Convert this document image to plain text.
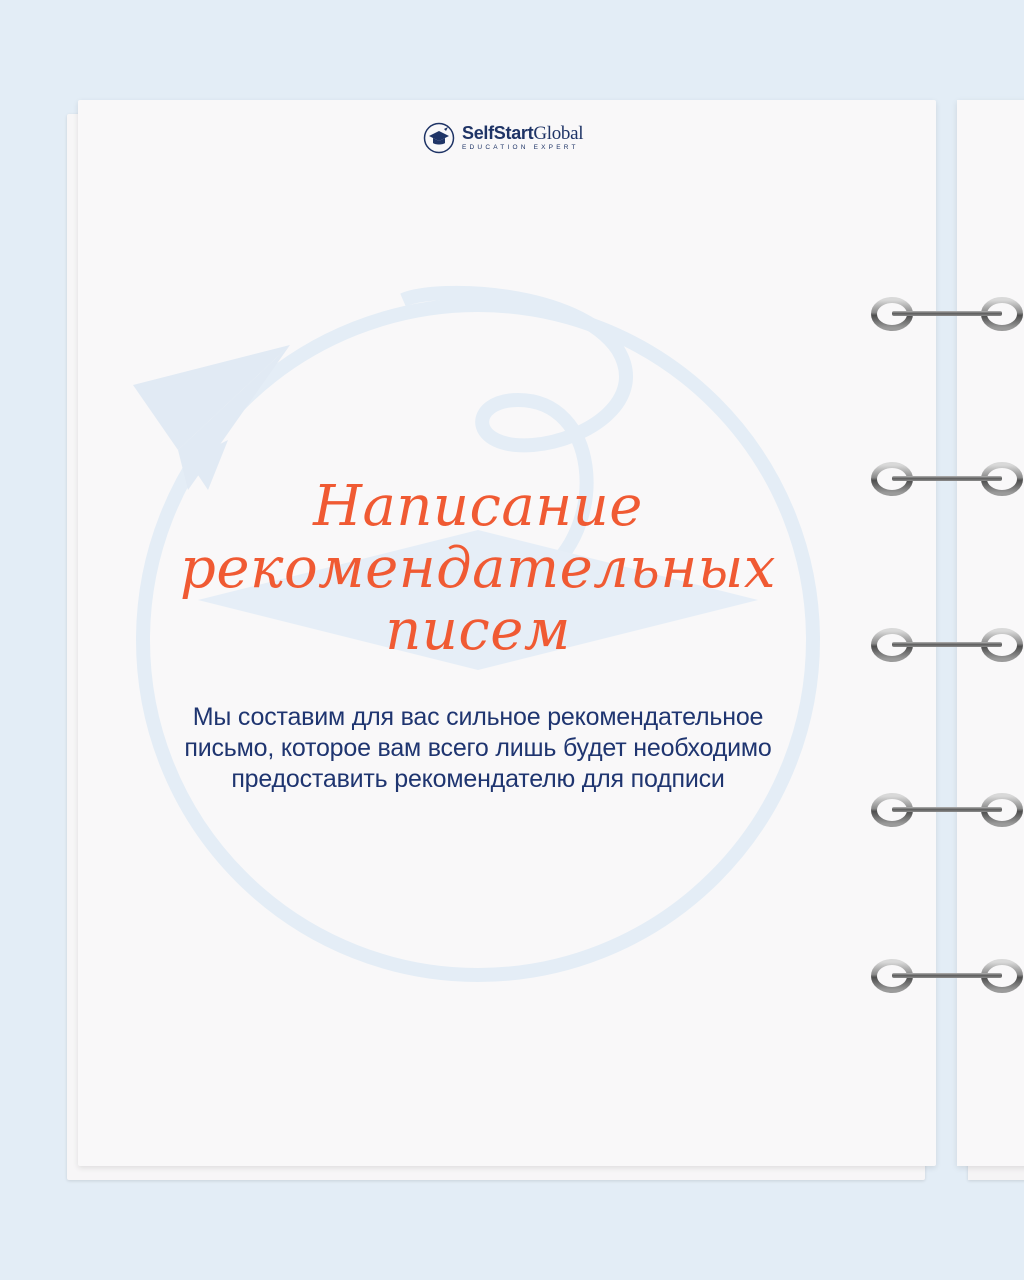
SelfStartGlobal
EDUCATION EXPERT
Написание
рекомендательных
писем

Мы составим для вас сильное рекомендательное
письмо, которое вам всего лишь будет необходимо
предоставить рекомендателю для подписи
